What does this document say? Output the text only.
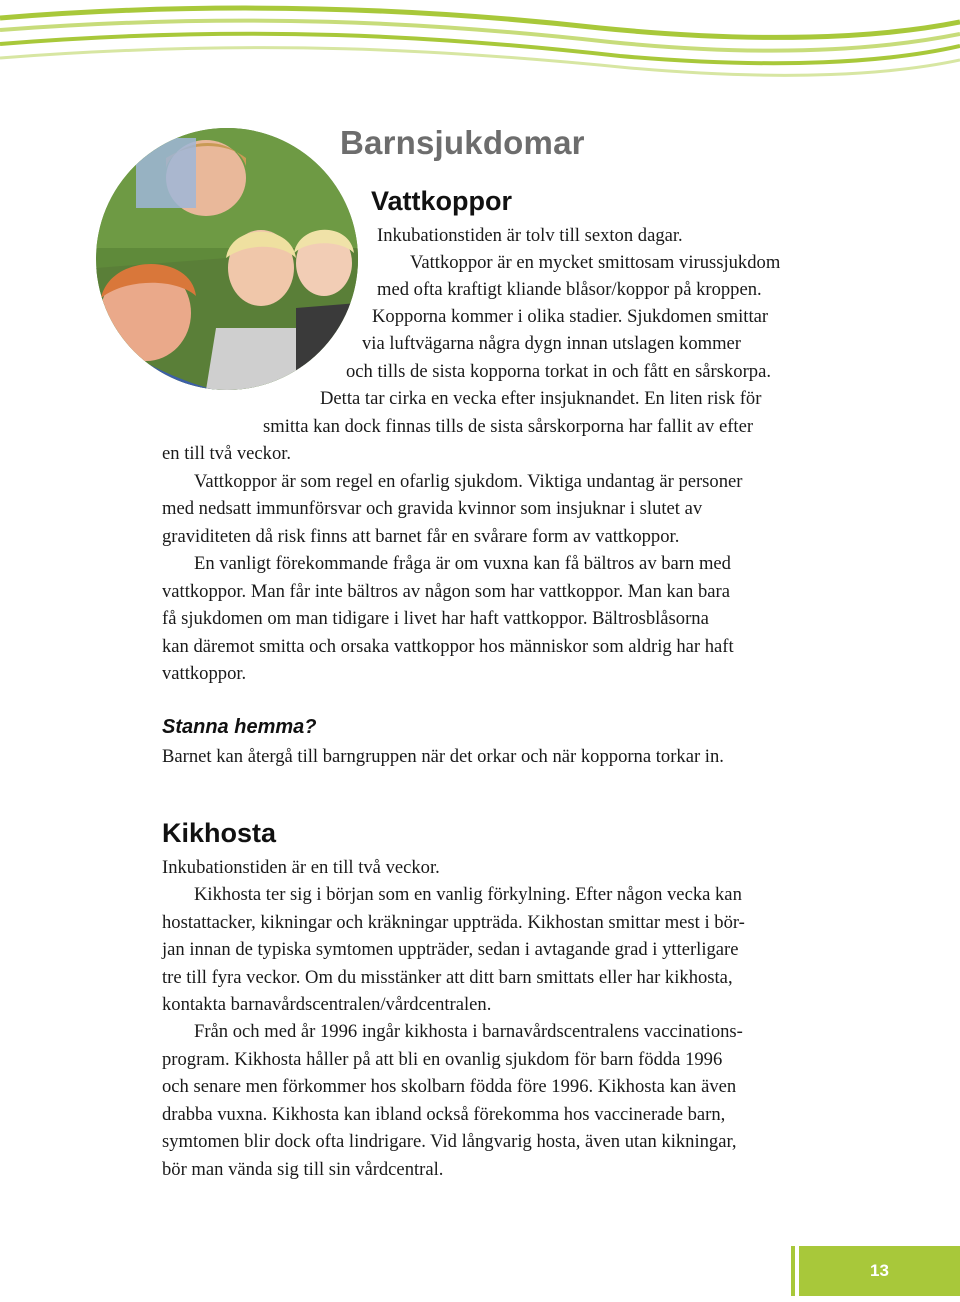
Barnsjukdomar
Vattkoppor
Inkubationstiden är tolv till sexton dagar.
Vattkoppor är en mycket smittosam virussjukdom
med ofta kraftigt kliande blåsor/koppor på kroppen.
Kopporna kommer i olika stadier. Sjukdomen smittar
via luftvägarna några dygn innan utslagen kommer
och tills de sista kopporna torkat in och fått en sårskorpa.
Detta tar cirka en vecka efter insjuknandet. En liten risk för
smitta kan dock finnas tills de sista sårskorporna har fallit av efter
en till två veckor.
Vattkoppor är som regel en ofarlig sjukdom. Viktiga undantag är personer
med nedsatt immunförsvar och gravida kvinnor som insjuknar i slutet av
graviditeten då risk finns att barnet får en svårare form av vattkoppor.
En vanligt förekommande fråga är om vuxna kan få bältros av barn med
vattkoppor. Man får inte bältros av någon som har vattkoppor. Man kan bara
få sjukdomen om man tidigare i livet har haft vattkoppor. Bältrosblåsorna
kan däremot smitta och orsaka vattkoppor hos människor som aldrig har haft
vattkoppor.
Stanna hemma?
Barnet kan återgå till barngruppen när det orkar och när kopporna torkar in.
Kikhosta
Inkubationstiden är en till två veckor.
Kikhosta ter sig i början som en vanlig förkylning. Efter någon vecka kan
hostattacker, kikningar och kräkningar uppträda. Kikhostan smittar mest i bör-
jan innan de typiska symtomen uppträder, sedan i avtagande grad i ytterligare
tre till fyra veckor. Om du misstänker att ditt barn smittats eller har kikhosta,
kontakta barnavårdscentralen/vårdcentralen.
Från och med år 1996 ingår kikhosta i barnavårdscentralens vaccinations-
program. Kikhosta håller på att bli en ovanlig sjukdom för barn födda 1996
och senare men förkommer hos skolbarn födda före 1996. Kikhosta kan även
drabba vuxna. Kikhosta kan ibland också förekomma hos vaccinerade barn,
symtomen blir dock ofta lindrigare. Vid långvarig hosta, även utan kikningar,
bör man vända sig till sin vårdcentral.
13
